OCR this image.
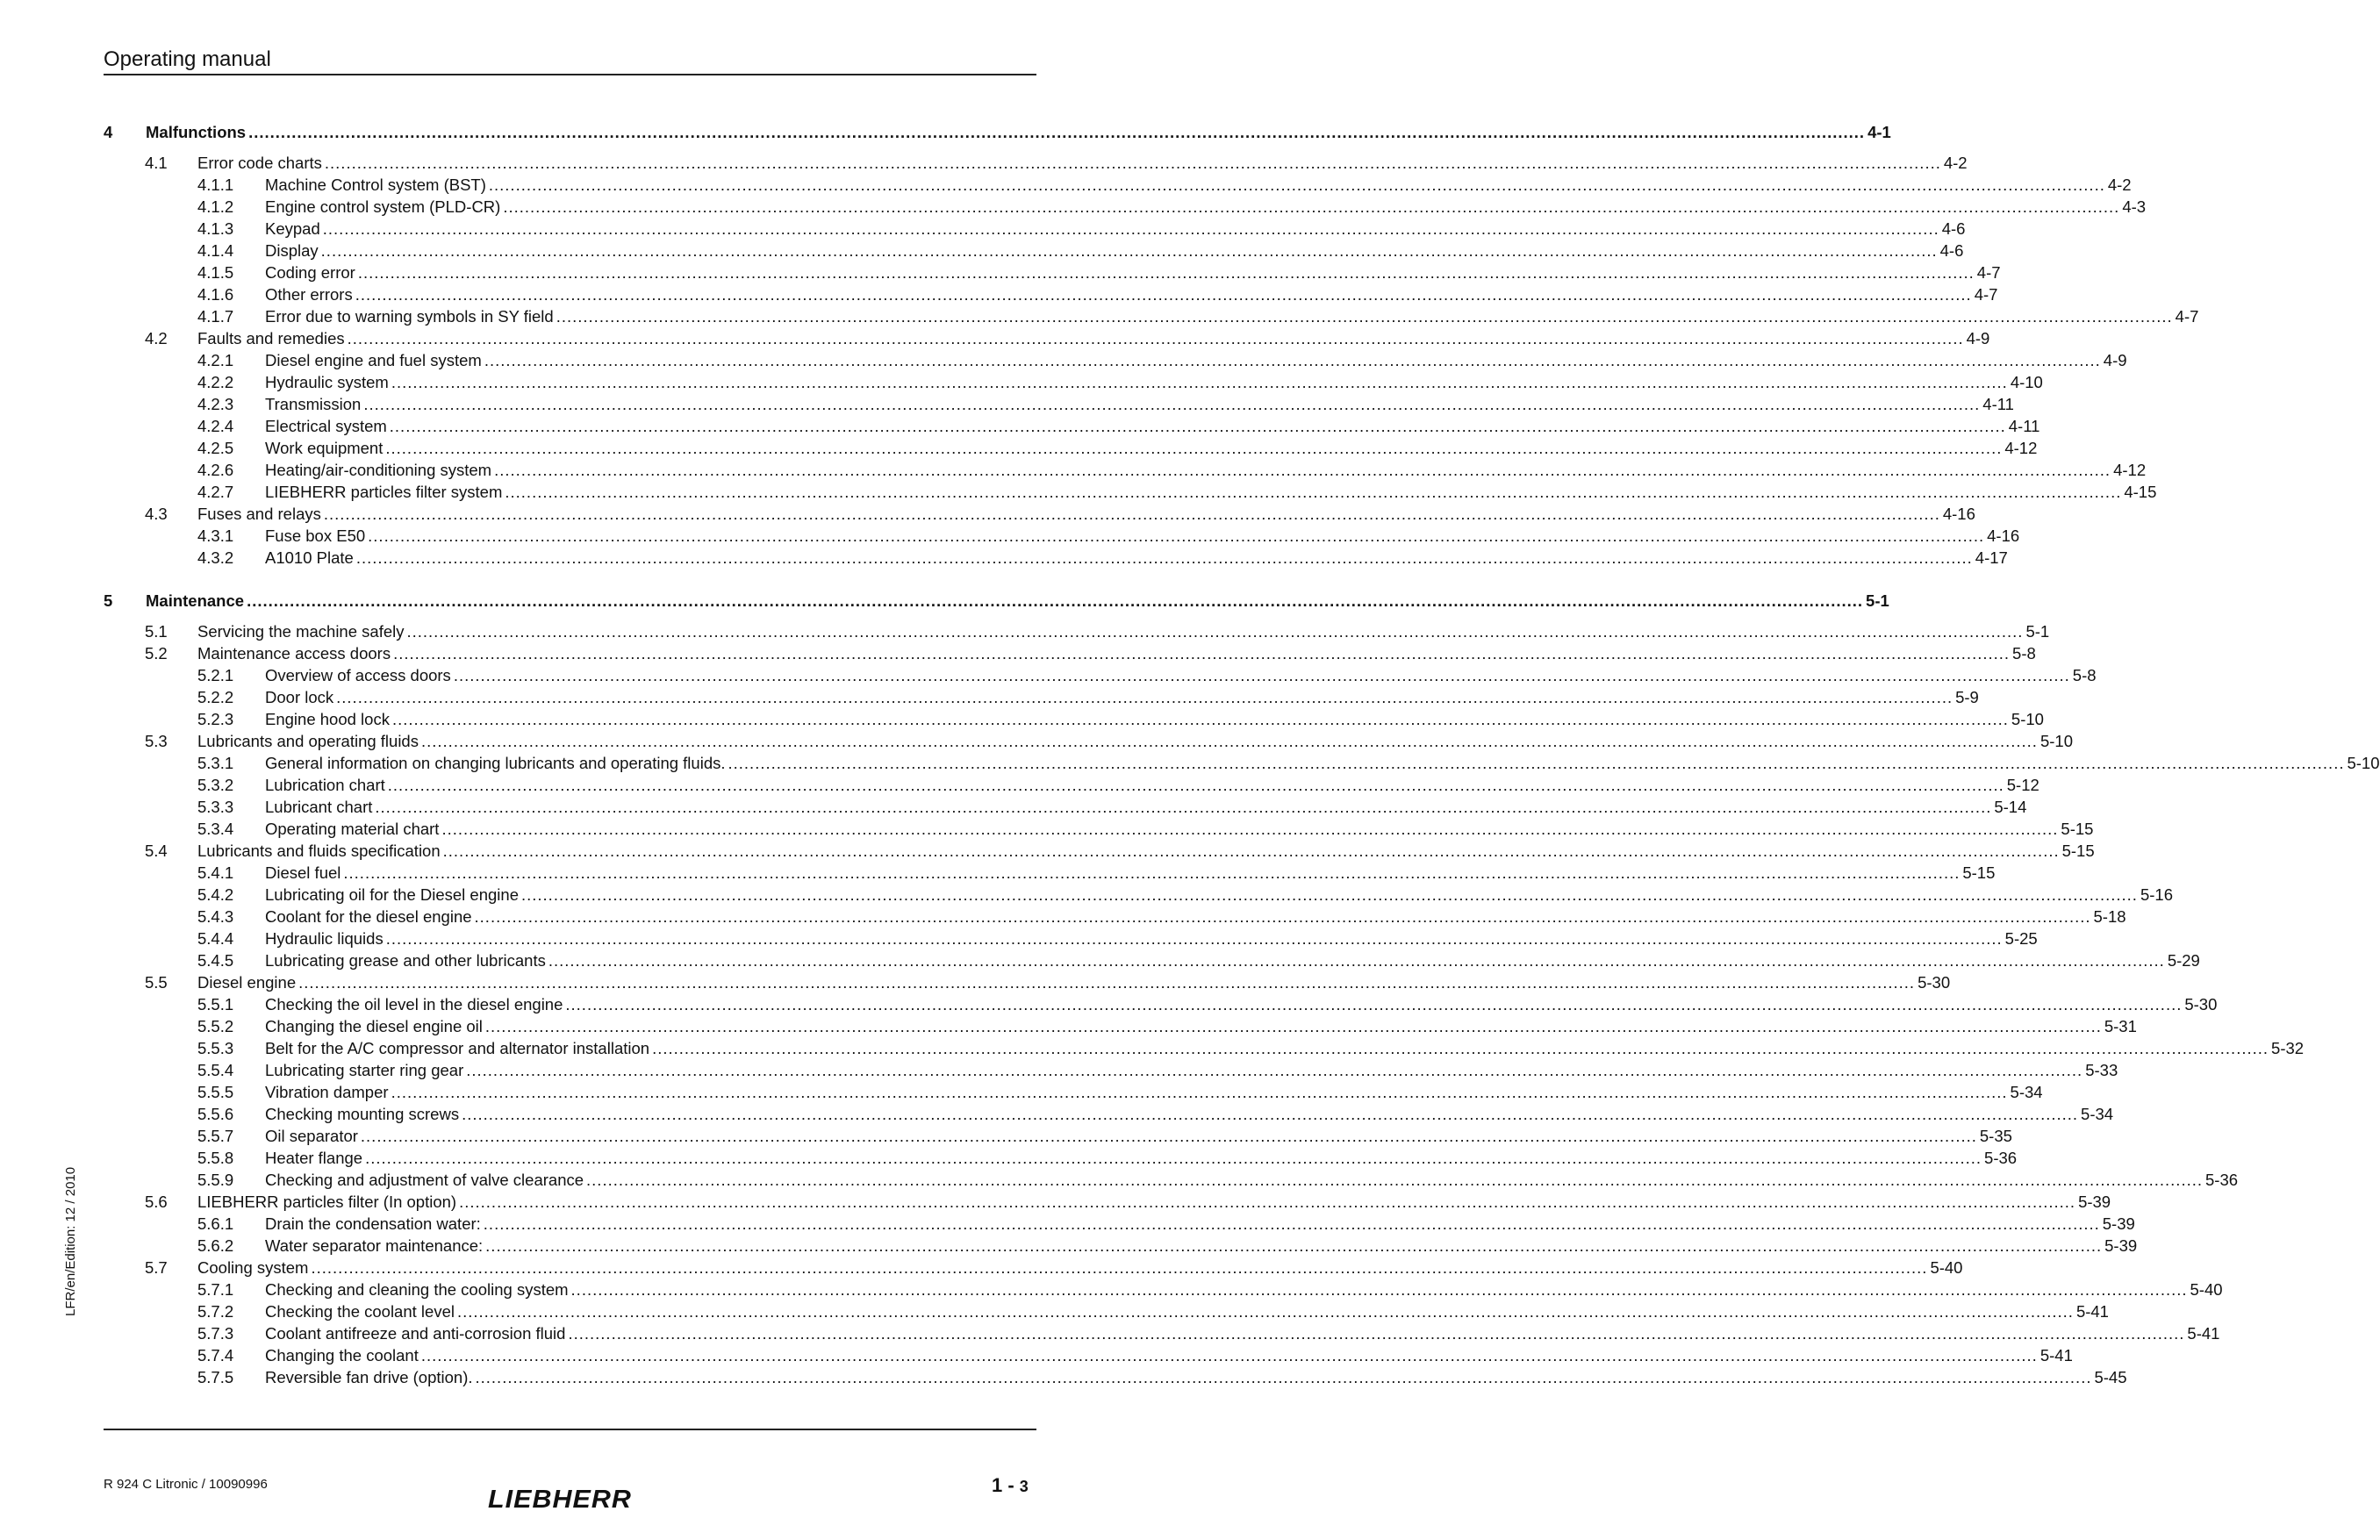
Operating manual
LFR/en/Edition: 12 / 2010
4 Malfunctions ............................................................................................................................................................................................................................................................................................................ 4-1
4.1 Error code charts ............................................................................................................................................................................................................................................................................................................ 4-2
4.1.1 Machine Control system (BST) ............................................................................................................................................................................................................................................................................................................ 4-2
4.1.2 Engine control system (PLD-CR) ............................................................................................................................................................................................................................................................................................................ 4-3
4.1.3 Keypad ............................................................................................................................................................................................................................................................................................................ 4-6
4.1.4 Display ............................................................................................................................................................................................................................................................................................................ 4-6
4.1.5 Coding error ............................................................................................................................................................................................................................................................................................................ 4-7
4.1.6 Other errors ............................................................................................................................................................................................................................................................................................................ 4-7
4.1.7 Error due to warning symbols in SY field ............................................................................................................................................................................................................................................................................................................ 4-7
4.2 Faults and remedies ............................................................................................................................................................................................................................................................................................................ 4-9
4.2.1 Diesel engine and fuel system ............................................................................................................................................................................................................................................................................................................ 4-9
4.2.2 Hydraulic system ............................................................................................................................................................................................................................................................................................................ 4-10
4.2.3 Transmission ............................................................................................................................................................................................................................................................................................................ 4-11
4.2.4 Electrical system ............................................................................................................................................................................................................................................................................................................ 4-11
4.2.5 Work equipment ............................................................................................................................................................................................................................................................................................................ 4-12
4.2.6 Heating/air-conditioning system ............................................................................................................................................................................................................................................................................................................ 4-12
4.2.7 LIEBHERR particles filter system ............................................................................................................................................................................................................................................................................................................ 4-15
4.3 Fuses and relays ............................................................................................................................................................................................................................................................................................................ 4-16
4.3.1 Fuse box E50 ............................................................................................................................................................................................................................................................................................................ 4-16
4.3.2 A1010 Plate ............................................................................................................................................................................................................................................................................................................ 4-17
5 Maintenance ............................................................................................................................................................................................................................................................................................................ 5-1
5.1 Servicing the machine safely ............................................................................................................................................................................................................................................................................................................ 5-1
5.2 Maintenance access doors ............................................................................................................................................................................................................................................................................................................ 5-8
5.2.1 Overview of access doors ............................................................................................................................................................................................................................................................................................................ 5-8
5.2.2 Door lock ............................................................................................................................................................................................................................................................................................................ 5-9
5.2.3 Engine hood lock ............................................................................................................................................................................................................................................................................................................ 5-10
5.3 Lubricants and operating fluids ............................................................................................................................................................................................................................................................................................................ 5-10
5.3.1 General information on changing lubricants and operating fluids. ............................................................................................................................................................................................................................................................................................................ 5-10
5.3.2 Lubrication chart ............................................................................................................................................................................................................................................................................................................ 5-12
5.3.3 Lubricant chart ............................................................................................................................................................................................................................................................................................................ 5-14
5.3.4 Operating material chart ............................................................................................................................................................................................................................................................................................................ 5-15
5.4 Lubricants and fluids specification ............................................................................................................................................................................................................................................................................................................ 5-15
5.4.1 Diesel fuel ............................................................................................................................................................................................................................................................................................................ 5-15
5.4.2 Lubricating oil for the Diesel engine ............................................................................................................................................................................................................................................................................................................ 5-16
5.4.3 Coolant for the diesel engine ............................................................................................................................................................................................................................................................................................................ 5-18
5.4.4 Hydraulic liquids ............................................................................................................................................................................................................................................................................................................ 5-25
5.4.5 Lubricating grease and other lubricants ............................................................................................................................................................................................................................................................................................................ 5-29
5.5 Diesel engine ............................................................................................................................................................................................................................................................................................................ 5-30
5.5.1 Checking the oil level in the diesel engine ............................................................................................................................................................................................................................................................................................................ 5-30
5.5.2 Changing the diesel engine oil ............................................................................................................................................................................................................................................................................................................ 5-31
5.5.3 Belt for the A/C compressor and alternator installation ............................................................................................................................................................................................................................................................................................................ 5-32
5.5.4 Lubricating starter ring gear ............................................................................................................................................................................................................................................................................................................ 5-33
5.5.5 Vibration damper ............................................................................................................................................................................................................................................................................................................ 5-34
5.5.6 Checking mounting screws ............................................................................................................................................................................................................................................................................................................ 5-34
5.5.7 Oil separator ............................................................................................................................................................................................................................................................................................................ 5-35
5.5.8 Heater flange ............................................................................................................................................................................................................................................................................................................ 5-36
5.5.9 Checking and adjustment of valve clearance ............................................................................................................................................................................................................................................................................................................ 5-36
5.6 LIEBHERR particles filter (In option) ............................................................................................................................................................................................................................................................................................................ 5-39
5.6.1 Drain the condensation water: ............................................................................................................................................................................................................................................................................................................ 5-39
5.6.2 Water separator maintenance: ............................................................................................................................................................................................................................................................................................................ 5-39
5.7 Cooling system ............................................................................................................................................................................................................................................................................................................ 5-40
5.7.1 Checking and cleaning the cooling system ............................................................................................................................................................................................................................................................................................................ 5-40
5.7.2 Checking the coolant level ............................................................................................................................................................................................................................................................................................................ 5-41
5.7.3 Coolant antifreeze and anti-corrosion fluid ............................................................................................................................................................................................................................................................................................................ 5-41
5.7.4 Changing the coolant ............................................................................................................................................................................................................................................................................................................ 5-41
5.7.5 Reversible fan drive (option). ............................................................................................................................................................................................................................................................................................................ 5-45
R 924 C Litronic / 10090996
LIEBHERR
1 - 3
